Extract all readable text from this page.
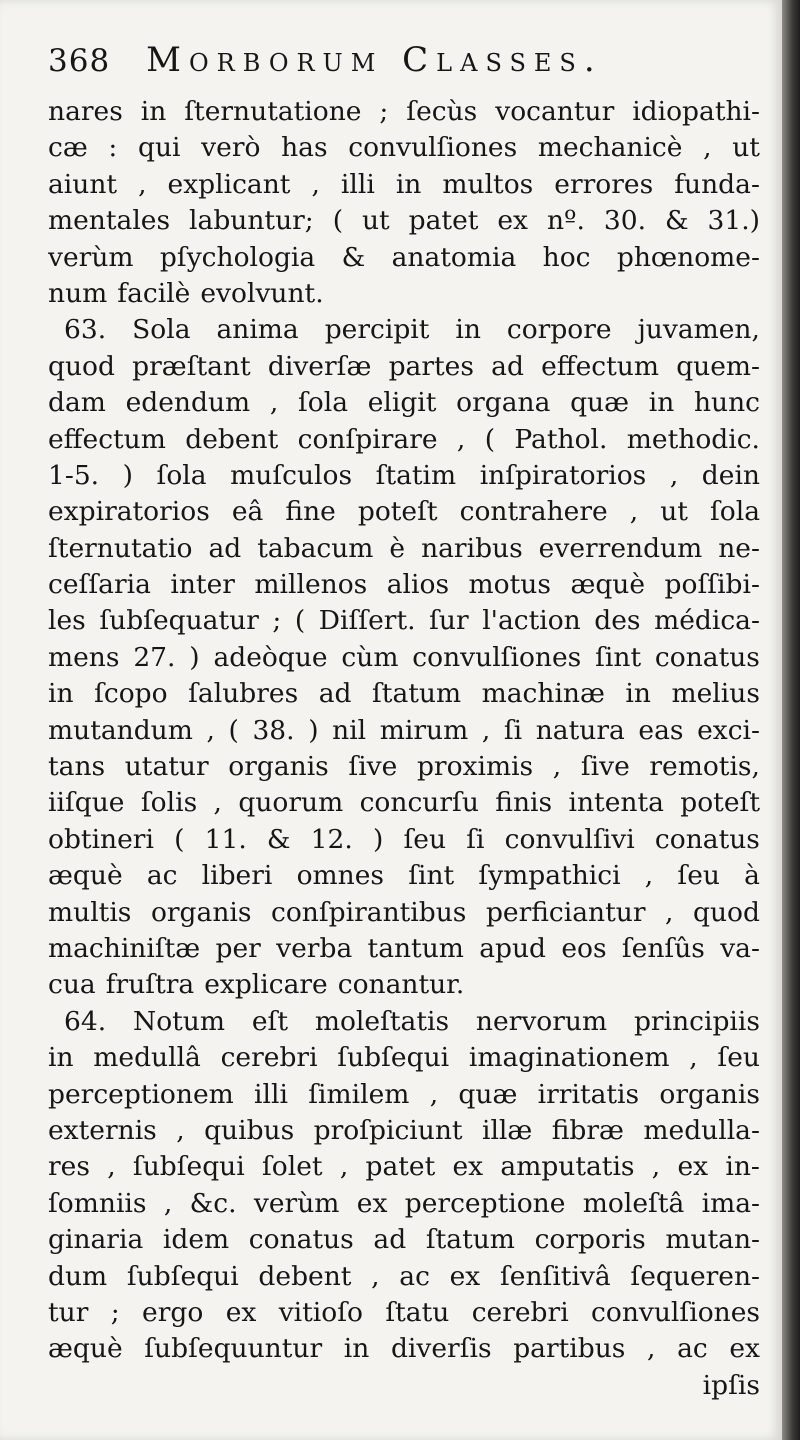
368 Morborum Classes.
nares in ſternutatione ; ſecùs vocantur idiopathi-
cæ : qui verò has convulſiones mechanicè , ut
aiunt , explicant , illi in multos errores funda-
mentales labuntur; ( ut patet ex nº. 30. & 31.)
verùm pſychologia & anatomia hoc phœnome-
num facilè evolvunt.
63. Sola anima percipit in corpore juvamen,
quod præſtant diverſæ partes ad effectum quem-
dam edendum , ſola eligit organa quæ in hunc
effectum debent conſpirare , ( Pathol. methodic.
1-5. ) ſola muſculos ſtatim inſpiratorios , dein
expiratorios eâ fine poteſt contrahere , ut ſola
ſternutatio ad tabacum è naribus everrendum ne-
ceſſaria inter millenos alios motus æquè poſſibi-
les ſubſequatur ; ( Diſſert. ſur l'action des médica-
mens 27. ) adeòque cùm convulſiones ſint conatus
in ſcopo ſalubres ad ſtatum machinæ in melius
mutandum , ( 38. ) nil mirum , ſi natura eas exci-
tans utatur organis ſive proximis , ſive remotis,
iiſque ſolis , quorum concurſu finis intenta poteſt
obtineri ( 11. & 12. ) ſeu ſi convulſivi conatus
æquè ac liberi omnes ſint ſympathici , ſeu à
multis organis conſpirantibus perficiantur , quod
machiniſtæ per verba tantum apud eos ſenſûs va-
cua fruſtra explicare conantur.
64. Notum eſt moleſtatis nervorum principiis
in medullâ cerebri ſubſequi imaginationem , ſeu
perceptionem illi ſimilem , quæ irritatis organis
externis , quibus proſpiciunt illæ fibræ medulla-
res , ſubſequi ſolet , patet ex amputatis , ex in-
ſomniis , &c. verùm ex perceptione moleſtâ ima-
ginaria idem conatus ad ſtatum corporis mutan-
dum ſubſequi debent , ac ex ſenſitivâ ſequeren-
tur ; ergo ex vitioſo ſtatu cerebri convulſiones
æquè ſubſequuntur in diverſis partibus , ac ex
ipſis
